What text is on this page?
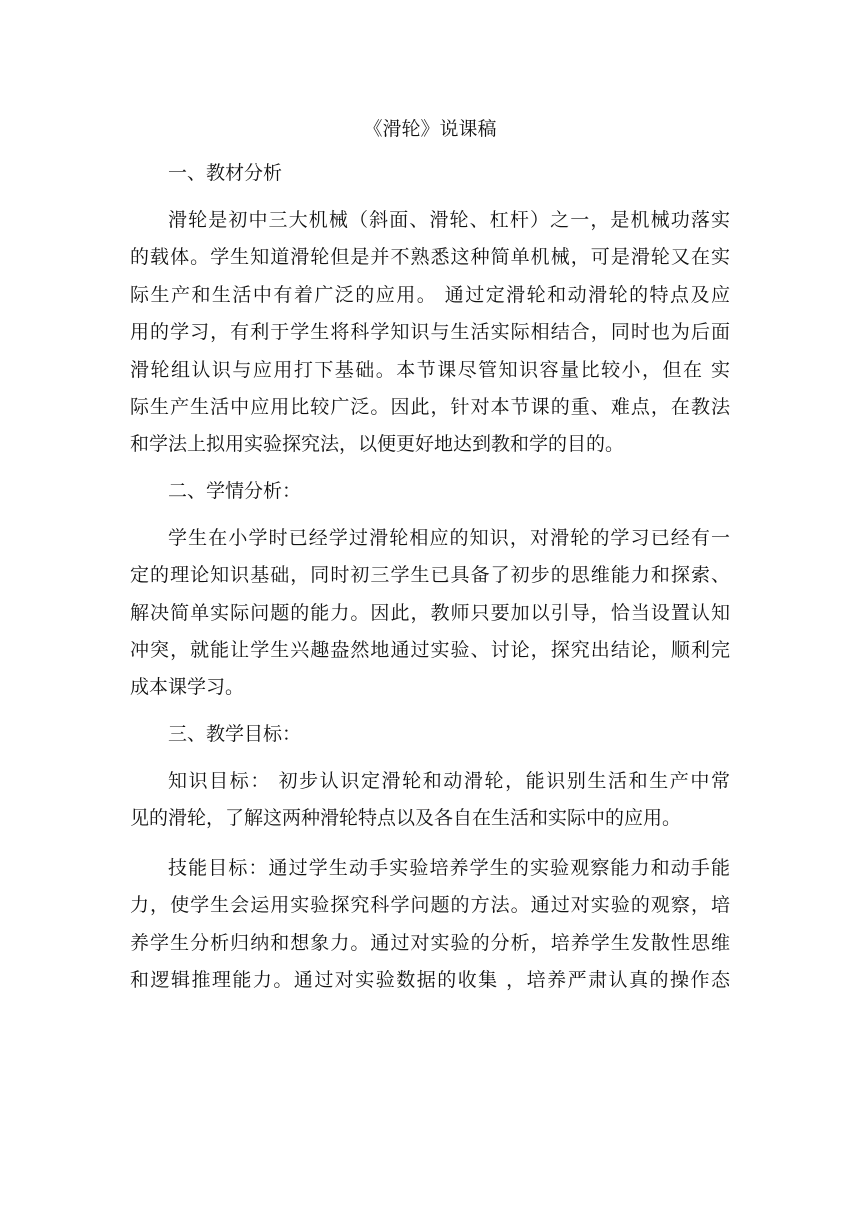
《滑轮》说课稿
一、教材分析
滑轮是初中三大机械（斜面、滑轮、杠杆）之一，是机械功落实
的载体。学生知道滑轮但是并不熟悉这种简单机械，可是滑轮又在实
际生产和生活中有着广泛的应用。 通过定滑轮和动滑轮的特点及应
用的学习，有利于学生将科学知识与生活实际相结合，同时也为后面
滑轮组认识与应用打下基础。本节课尽管知识容量比较小，但在 实
际生产生活中应用比较广泛。因此，针对本节课的重、难点，在教法
和学法上拟用实验探究法，以便更好地达到教和学的目的。
二、学情分析：
学生在小学时已经学过滑轮相应的知识，对滑轮的学习已经有一
定的理论知识基础，同时初三学生已具备了初步的思维能力和探索、
解决简单实际问题的能力。因此，教师只要加以引导，恰当设置认知
冲突，就能让学生兴趣盎然地通过实验、讨论，探究出结论，顺利完
成本课学习。
三、教学目标：
知识目标： 初步认识定滑轮和动滑轮，能识别生活和生产中常
见的滑轮，了解这两种滑轮特点以及各自在生活和实际中的应用。
技能目标：通过学生动手实验培养学生的实验观察能力和动手能
力，使学生会运用实验探究科学问题的方法。通过对实验的观察，培
养学生分析归纳和想象力。通过对实验的分析，培养学生发散性思维
和逻辑推理能力。通过对实验数据的收集 ，培养严肃认真的操作态
